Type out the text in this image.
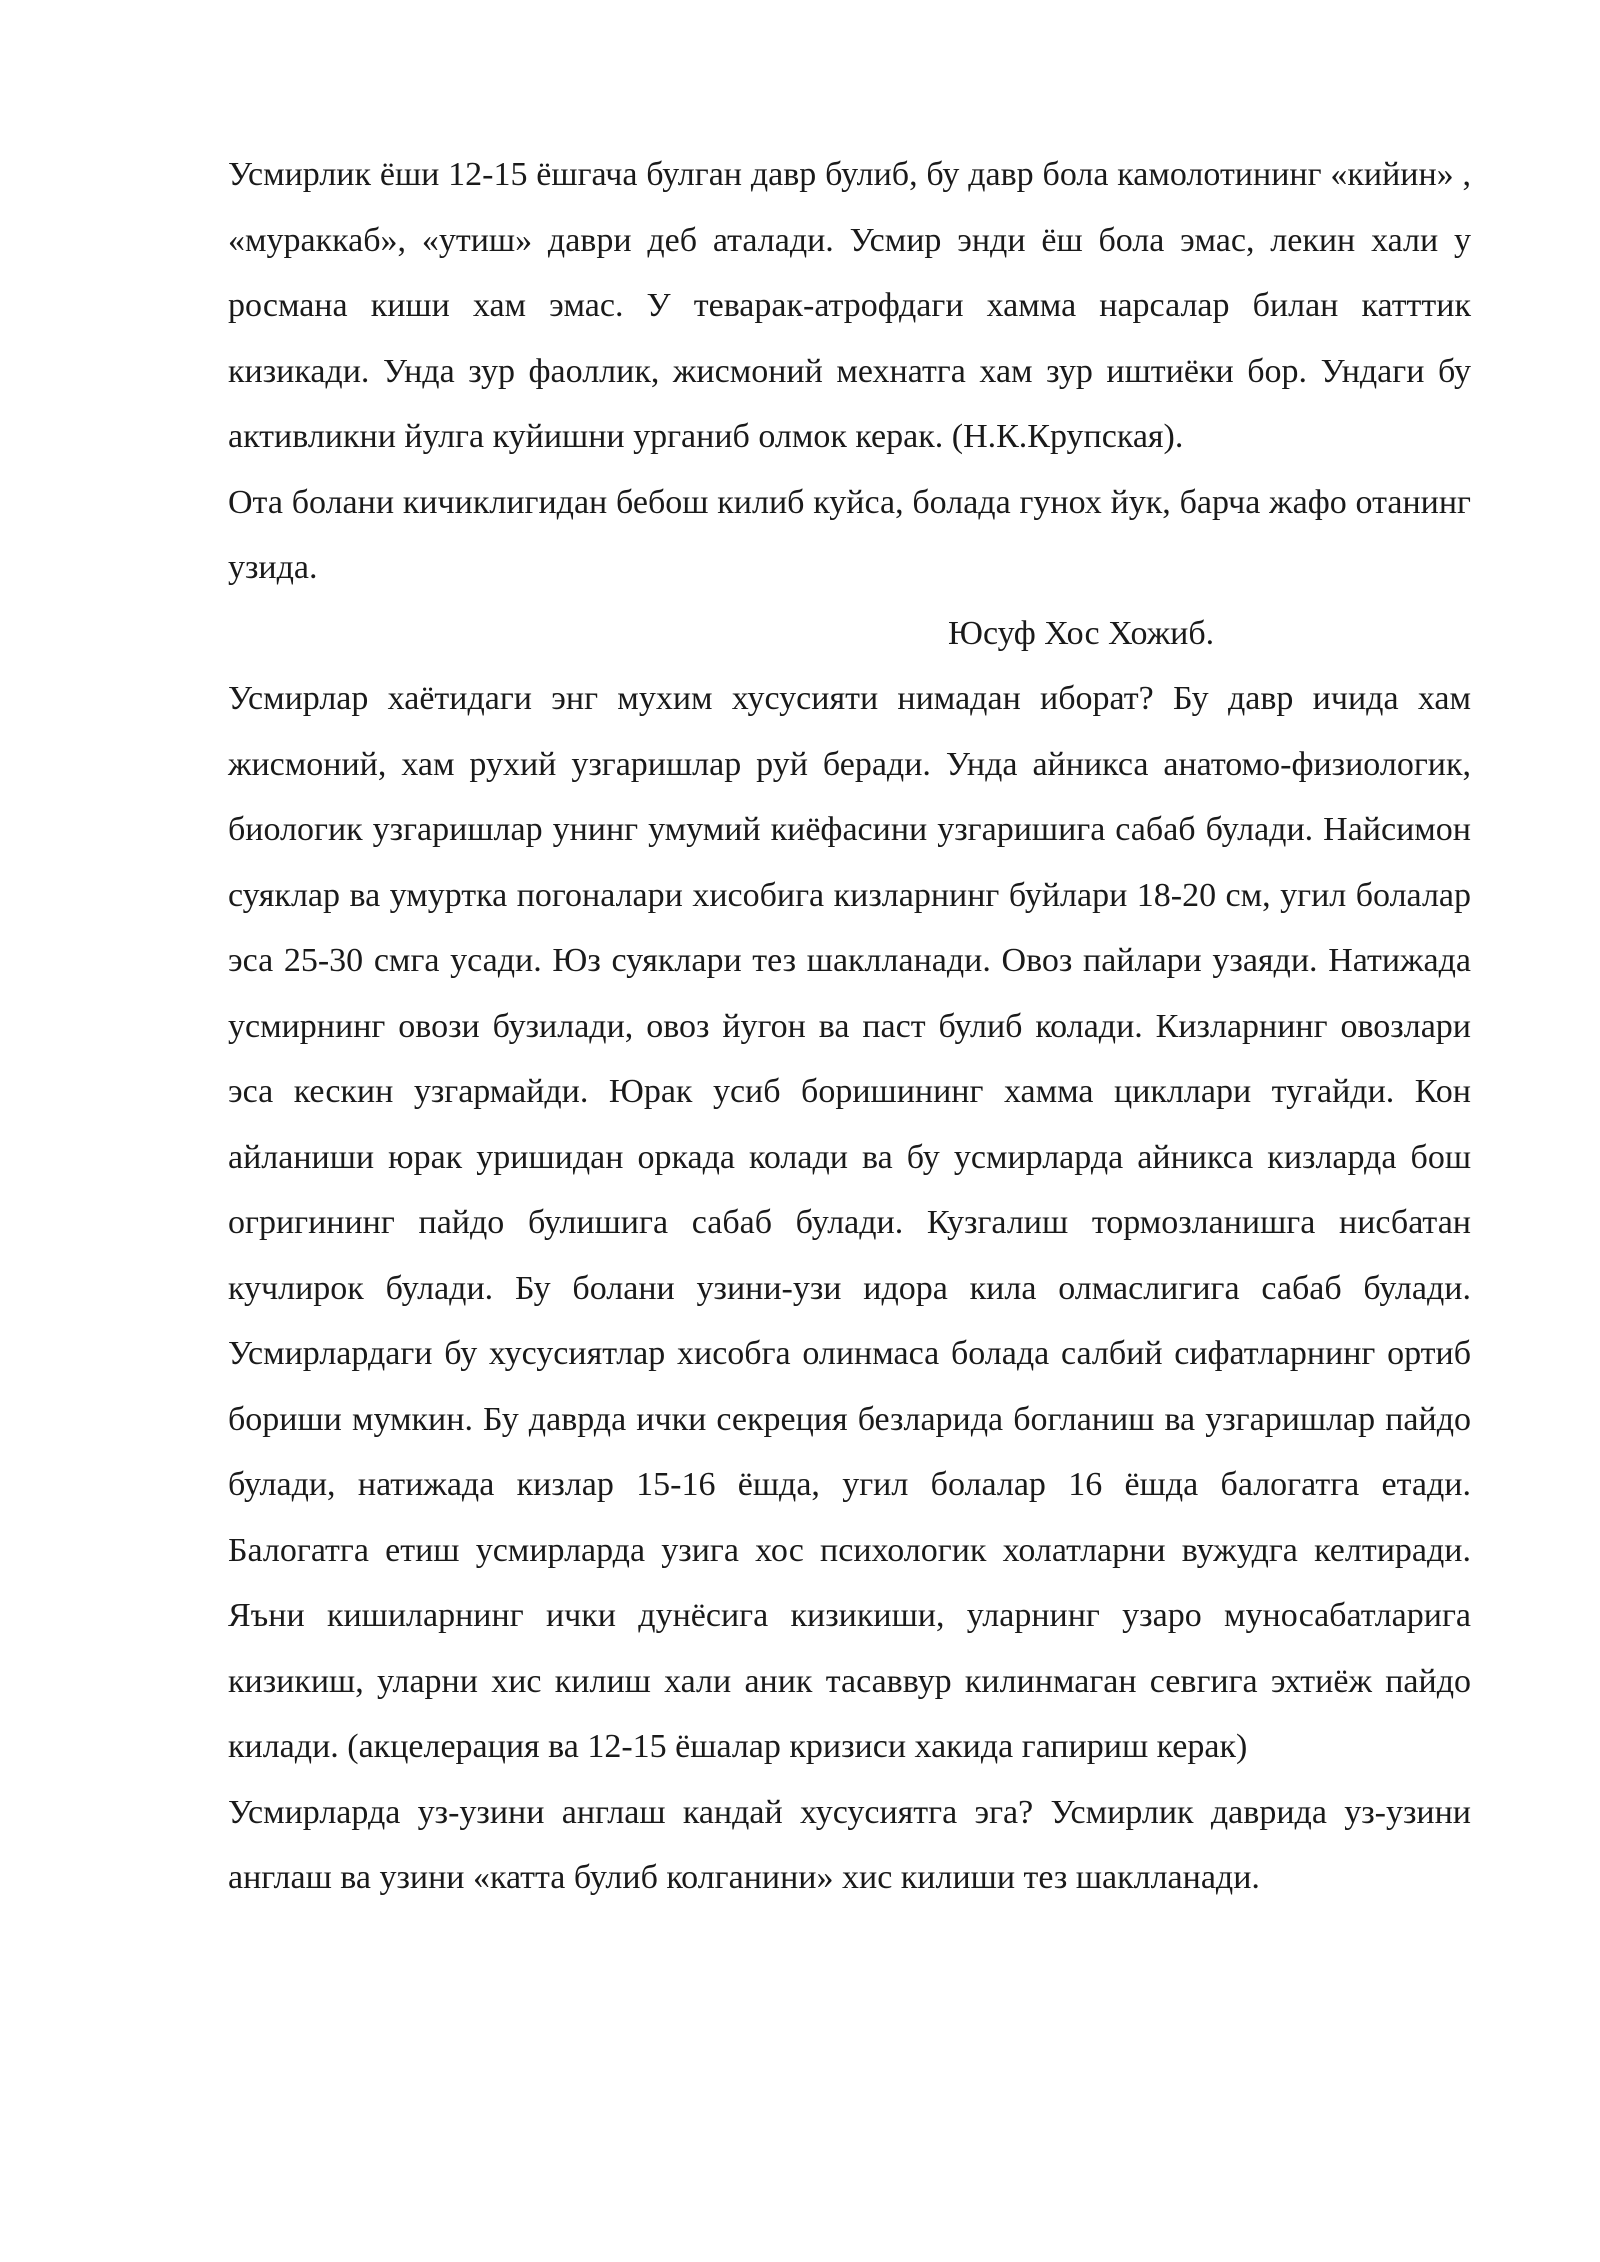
Усмирлик ёши 12-15 ёшгача булган давр булиб, бу давр бола камолотининг «кийин» , «мураккаб», «утиш» даври деб аталади. Усмир энди ёш бола эмас, лекин хали у росмана киши хам эмас. У теварак-атрофдаги хамма нарсалар билан катттик кизикади. Унда зур фаоллик, жисмоний мехнатга хам зур иштиёки бор. Ундаги бу активликни йулга куйишни урганиб олмок керак. (Н.К.Крупская).

Ота болани кичиклигидан бебош килиб куйса, болада гунох йук, барча жафо отанинг узида.

Юсуф Хос Хожиб.

Усмирлар хаётидаги энг мухим хусусияти нимадан иборат? Бу давр ичида хам жисмоний, хам рухий узгаришлар руй беради. Унда айникса анатомо-физиологик, биологик узгаришлар унинг умумий киёфасини узгаришига сабаб булади. Найсимон суяклар ва умуртка погоналари хисобига кизларнинг буйлари 18-20 см, угил болалар эса 25-30 смга усади. Юз суяклари тез шаклланади. Овоз пайлари узаяди. Натижада усмирнинг овози бузилади, овоз йугон ва паст булиб колади. Кизларнинг овозлари эса кескин узгармайди. Юрак усиб боришининг хамма цикллари тугайди. Кон айланиши юрак уришидан оркада колади ва бу усмирларда айникса кизларда бош огригининг пайдо булишига сабаб булади. Кузгалиш тормозланишга нисбатан кучлирок булади. Бу болани узини-узи идора кила олмаслигига сабаб булади. Усмирлардаги бу хусусиятлар хисобга олинмаса болада салбий сифатларнинг ортиб бориши мумкин. Бу даврда ички секреция безларида богланиш ва узгаришлар пайдо булади, натижада кизлар 15-16 ёшда, угил болалар 16 ёшда балогатга етади. Балогатга етиш усмирларда узига хос психологик холатларни вужудга келтиради. Яъни кишиларнинг ички дунёсига кизикиши, уларнинг узаро муносабатларига кизикиш, уларни хис килиш хали аник тасаввур килинмаган севгига эхтиёж пайдо килади. (акцелерация ва 12-15 ёшалар кризиси хакида гапириш керак)

Усмирларда уз-узини англаш кандай хусусиятга эга? Усмирлик даврида уз-узини англаш ва узини «катта булиб колганини» хис килиши тез шаклланади.
